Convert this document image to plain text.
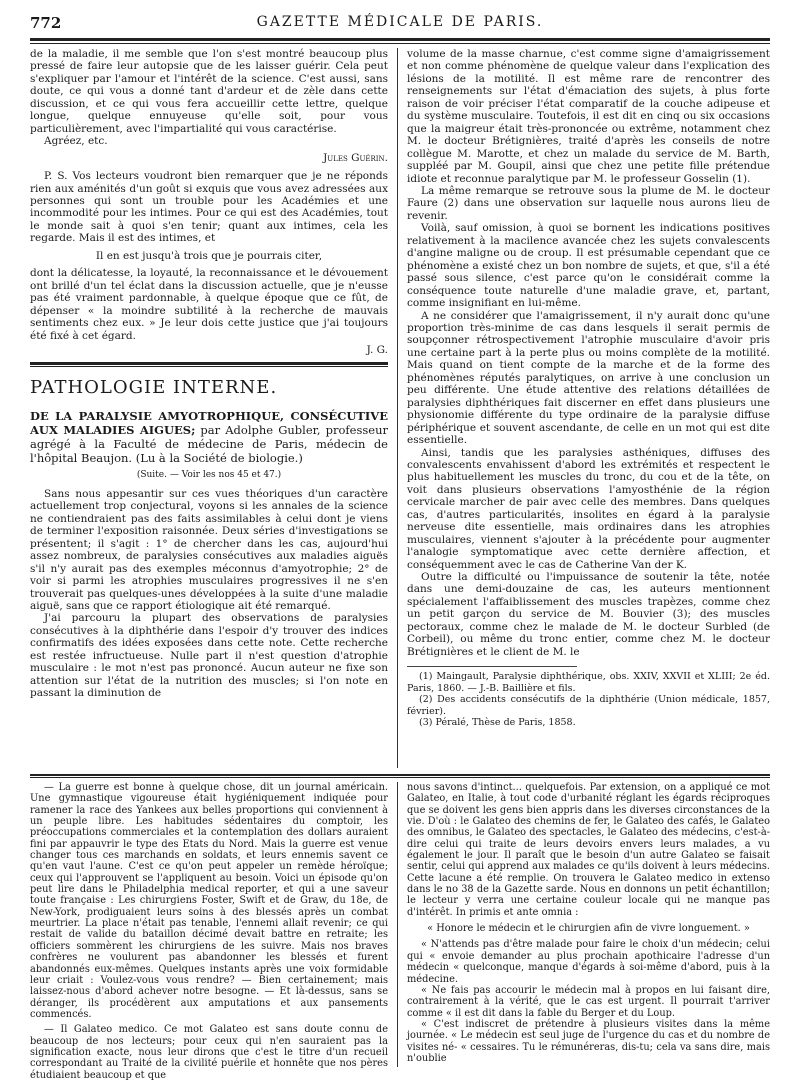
772	GAZETTE MÉDICALE DE PARIS.

de la maladie, il me semble que l'on s'est montré beaucoup plus pressé de faire leur autopsie que de les laisser guérir. Cela peut s'expliquer par l'amour et l'intérêt de la science. C'est aussi, sans doute, ce qui vous a donné tant d'ardeur et de zèle dans cette discussion, et ce qui vous fera accueillir cette lettre, quelque longue, quelque ennuyeuse qu'elle soit, pour vous particulièrement, avec l'impartialité qui vous caractérise.

Agréez, etc.

Jules Guérin.

P. S. Vos lecteurs voudront bien remarquer que je ne réponds rien aux aménités d'un goût si exquis que vous avez adressées aux personnes qui sont un trouble pour les Académies et une incommodité pour les intimes. Pour ce qui est des Académies, tout le monde sait à quoi s'en tenir; quant aux intimes, cela les regarde. Mais il est des intimes, et

Il en est jusqu'à trois que je pourrais citer,

dont la délicatesse, la loyauté, la reconnaissance et le dévouement ont brillé d'un tel éclat dans la discussion actuelle, que je n'eusse pas été vraiment pardonnable, à quelque époque que ce fût, de dépenser « la moindre subtilité à la recherche de mauvais sentiments chez eux. » Je leur dois cette justice que j'ai toujours été fixé à cet égard.

J. G.

PATHOLOGIE INTERNE.

DE LA PARALYSIE AMYOTROPHIQUE, CONSÉCUTIVE AUX MALADIES AIGUES; par Adolphe Gubler, professeur agrégé à la Faculté de médecine de Paris, médecin de l'hôpital Beaujon. (Lu à la Société de biologie.)

(Suite. — Voir les nos 45 et 47.)

Sans nous appesantir sur ces vues théoriques d'un caractère actuellement trop conjectural, voyons si les annales de la science ne contiendraient pas des faits assimilables à celui dont je viens de terminer l'exposition raisonnée. Deux séries d'investigations se présentent; il s'agit : 1° de chercher dans les cas, aujourd'hui assez nombreux, de paralysies consécutives aux maladies aiguës s'il n'y aurait pas des exemples méconnus d'amyotrophie; 2° de voir si parmi les atrophies musculaires progressives il ne s'en trouverait pas quelques-unes développées à la suite d'une maladie aiguë, sans que ce rapport étiologique ait été remarqué.

J'ai parcouru la plupart des observations de paralysies consécutives à la diphthérie dans l'espoir d'y trouver des indices confirmatifs des idées exposées dans cette note. Cette recherche est restée infructueuse. Nulle part il n'est question d'atrophie musculaire : le mot n'est pas prononcé. Aucun auteur ne fixe son attention sur l'état de la nutrition des muscles; si l'on note en passant la diminution de

volume de la masse charnue, c'est comme signe d'amaigrissement et non comme phénomène de quelque valeur dans l'explication des lésions de la motilité. Il est même rare de rencontrer des renseignements sur l'état d'émaciation des sujets, à plus forte raison de voir préciser l'état comparatif de la couche adipeuse et du système musculaire. Toutefois, il est dit en cinq ou six occasions que la maigreur était très-prononcée ou extrême, notamment chez M. le docteur Brétignières, traité d'après les conseils de notre collègue M. Marotte, et chez un malade du service de M. Barth, suppléé par M. Goupil, ainsi que chez une petite fille prétendue idiote et reconnue paralytique par M. le professeur Gosselin (1).

La même remarque se retrouve sous la plume de M. le docteur Faure (2) dans une observation sur laquelle nous aurons lieu de revenir.

Voilà, sauf omission, à quoi se bornent les indications positives relativement à la macilence avancée chez les sujets convalescents d'angine maligne ou de croup. Il est présumable cependant que ce phénomène a existé chez un bon nombre de sujets, et que, s'il a été passé sous silence, c'est parce qu'on le considérait comme la conséquence toute naturelle d'une maladie grave, et, partant, comme insignifiant en lui-même.

A ne considérer que l'amaigrissement, il n'y aurait donc qu'une proportion très-minime de cas dans lesquels il serait permis de soupçonner rétrospectivement l'atrophie musculaire d'avoir pris une certaine part à la perte plus ou moins complète de la motilité. Mais quand on tient compte de la marche et de la forme des phénomènes réputés paralytiques, on arrive à une conclusion un peu différente. Une étude attentive des relations détaillées de paralysies diphthériques fait discerner en effet dans plusieurs une physionomie différente du type ordinaire de la paralysie diffuse périphérique et souvent ascendante, de celle en un mot qui est dite essentielle.

Ainsi, tandis que les paralysies asthéniques, diffuses des convalescents envahissent d'abord les extrémités et respectent le plus habituellement les muscles du tronc, du cou et de la tête, on voit dans plusieurs observations l'amyosthénie de la région cervicale marcher de pair avec celle des membres. Dans quelques cas, d'autres particularités, insolites en égard à la paralysie nerveuse dite essentielle, mais ordinaires dans les atrophies musculaires, viennent s'ajouter à la précédente pour augmenter l'analogie symptomatique avec cette dernière affection, et conséquemment avec le cas de Catherine Van der K.

Outre la difficulté ou l'impuissance de soutenir la tête, notée dans une demi-douzaine de cas, les auteurs mentionnent spécialement l'affaiblissement des muscles trapèzes, comme chez un petit garçon du service de M. Bouvier (3); des muscles pectoraux, comme chez le malade de M. le docteur Surbled (de Corbeil), ou même du tronc entier, comme chez M. le docteur Brétignières et le client de M. le

(1) Maingault, Paralysie diphthérique, obs. XXIV, XXVII et XLIII; 2e éd. Paris, 1860. — J.-B. Baillière et fils.

(2) Des accidents consécutifs de la diphthérie (Union médicale, 1857, février).

(3) Péralé, Thèse de Paris, 1858.

— La guerre est bonne à quelque chose, dit un journal américain. Une gymnastique vigoureuse était hygiéniquement indiquée pour ramener la race des Yankees aux belles proportions qui conviennent à un peuple libre. Les habitudes sédentaires du comptoir, les préoccupations commerciales et la contemplation des dollars auraient fini par appauvrir le type des Etats du Nord. Mais la guerre est venue changer tous ces marchands en soldats, et leurs ennemis savent ce qu'en vaut l'aune. C'est ce qu'on peut appeler un remède héroïque; ceux qui l'approuvent se l'appliquent au besoin. Voici un épisode qu'on peut lire dans le Philadelphia medical reporter, et qui a une saveur toute française : Les chirurgiens Foster, Swift et de Graw, du 18e, de New-York, prodiguaient leurs soins à des blessés après un combat meurtrier. La place n'était pas tenable, l'ennemi allait revenir; ce qui restait de valide du bataillon décimé devait battre en retraite; les officiers sommèrent les chirurgiens de les suivre. Mais nos braves confrères ne voulurent pas abandonner les blessés et furent abandonnés eux-mêmes. Quelques instants après une voix formidable leur criait : Voulez-vous vous rendre? — Bien certainement; mais laissez-nous d'abord achever notre besogne. — Et là-dessus, sans se déranger, ils procédèrent aux amputations et aux pansements commencés.

— Il Galateo medico. Ce mot Galateo est sans doute connu de beaucoup de nos lecteurs; pour ceux qui n'en sauraient pas la signification exacte, nous leur dirons que c'est le titre d'un recueil correspondant au Traité de la civilité puérile et honnête que nos pères étudiaient beaucoup et que

nous savons d'intinct... quelquefois. Par extension, on a appliqué ce mot Galateo, en Italie, à tout code d'urbanité réglant les égards réciproques que se doivent les gens bien appris dans les diverses circonstances de la vie. D'où : le Galateo des chemins de fer, le Galateo des cafés, le Galateo des omnibus, le Galateo des spectacles, le Galateo des médecins, c'est-à-dire celui qui traite de leurs devoirs envers leurs malades, a vu également le jour. Il paraît que le besoin d'un autre Galateo se faisait sentir, celui qui apprend aux malades ce qu'ils doivent à leurs médecins. Cette lacune a été remplie. On trouvera le Galateo medico in extenso dans le no 38 de la Gazette sarde. Nous en donnons un petit échantillon; le lecteur y verra une certaine couleur locale qui ne manque pas d'intérêt. In primis et ante omnia :

« Honore le médecin et le chirurgien afin de vivre longuement. »

« N'attends pas d'être malade pour faire le choix d'un médecin; celui qui « envoie demander au plus prochain apothicaire l'adresse d'un médecin « quelconque, manque d'égards à soi-même d'abord, puis à la médecine.

« Ne fais pas accourir le médecin mal à propos en lui faisant dire, contrairement à la vérité, que le cas est urgent. Il pourrait t'arriver comme « il est dit dans la fable du Berger et du Loup.

« C'est indiscret de prétendre à plusieurs visites dans la même journée. « Le médecin est seul juge de l'urgence du cas et du nombre de visites né- « cessaires. Tu le rémunéreras, dis-tu; cela va sans dire, mais n'oublie
